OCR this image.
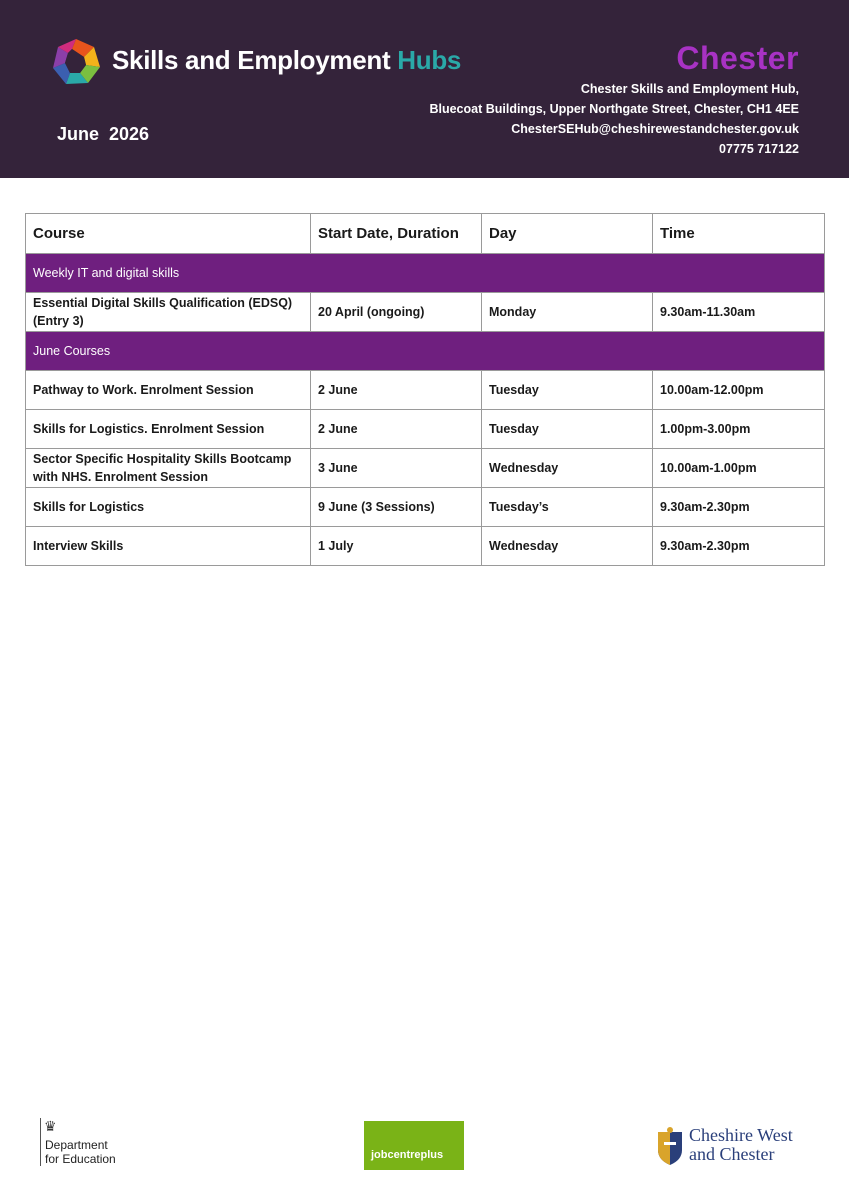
Skills and Employment Hubs
June  2026
Chester
Chester Skills and Employment Hub,
Bluecoat Buildings, Upper Northgate Street, Chester, CH1 4EE
ChesterSEHub@cheshirewestandchester.gov.uk
07775 717122
Course	Start Date, Duration	Day	Time
Weekly IT and digital skills			
Essential Digital Skills Qualification (EDSQ) (Entry 3)	20 April (ongoing)	Monday	9.30am-11.30am
June Courses			
Pathway to Work. Enrolment Session	2 June	Tuesday	10.00am-12.00pm
Skills for Logistics. Enrolment Session	2 June	Tuesday	1.00pm-3.00pm
Sector Specific Hospitality Skills Bootcamp with NHS. Enrolment Session	3 June	Wednesday	10.00am-1.00pm
Skills for Logistics	9 June (3 Sessions)	Tuesday’s	9.30am-2.30pm
Interview Skills	1 July	Wednesday	9.30am-2.30pm
♛
Department
for Education	jobcentreplus
Cheshire West
and Chester
